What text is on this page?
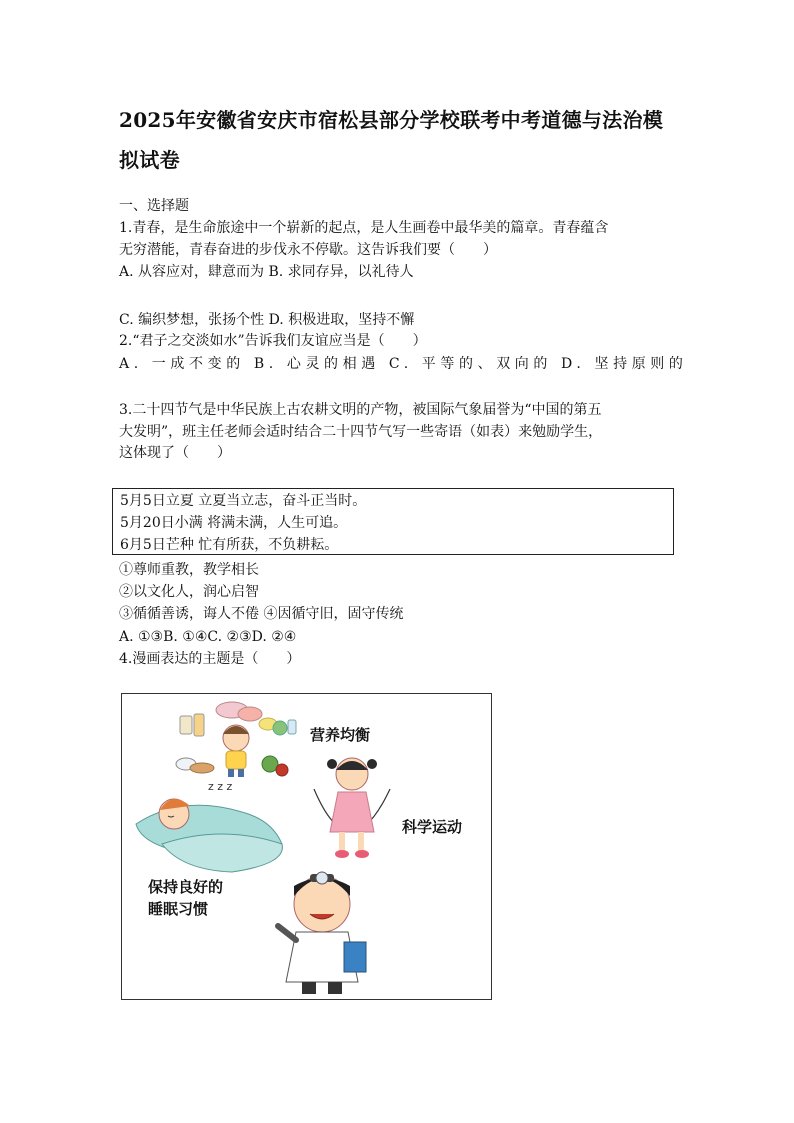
2025年安徽省安庆市宿松县部分学校联考中考道德与法治模拟试卷
一、选择题
1.青春，是生命旅途中一个崭新的起点，是人生画卷中最华美的篇章。青春蕴含
无穷潜能，青春奋进的步伐永不停歇。这告诉我们要（　　）
A. 从容应对，肆意而为 B. 求同存异，以礼待人
C. 编织梦想，张扬个性 D. 积极进取，坚持不懈
2.“君子之交淡如水”告诉我们友谊应当是（　　）
A. 一成不变的 B. 心灵的相遇 C. 平等的、双向的 D. 坚持原则的
3.二十四节气是中华民族上古农耕文明的产物，被国际气象届誉为“中国的第五
大发明”，班主任老师会适时结合二十四节气写一些寄语（如表）来勉励学生，
这体现了（　　）
5月5日立夏 立夏当立志，奋斗正当时。
5月20日小满 将满未满，人生可追。
6月5日芒种 忙有所获，不负耕耘。
①尊师重教，教学相长
②以文化人，润心启智
③循循善诱，诲人不倦 ④因循守旧，固守传统
A. ①③B. ①④C. ②③D. ②④
4.漫画表达的主题是（　　）
z z z
营养均衡
科学运动
保持良好的
睡眠习惯
